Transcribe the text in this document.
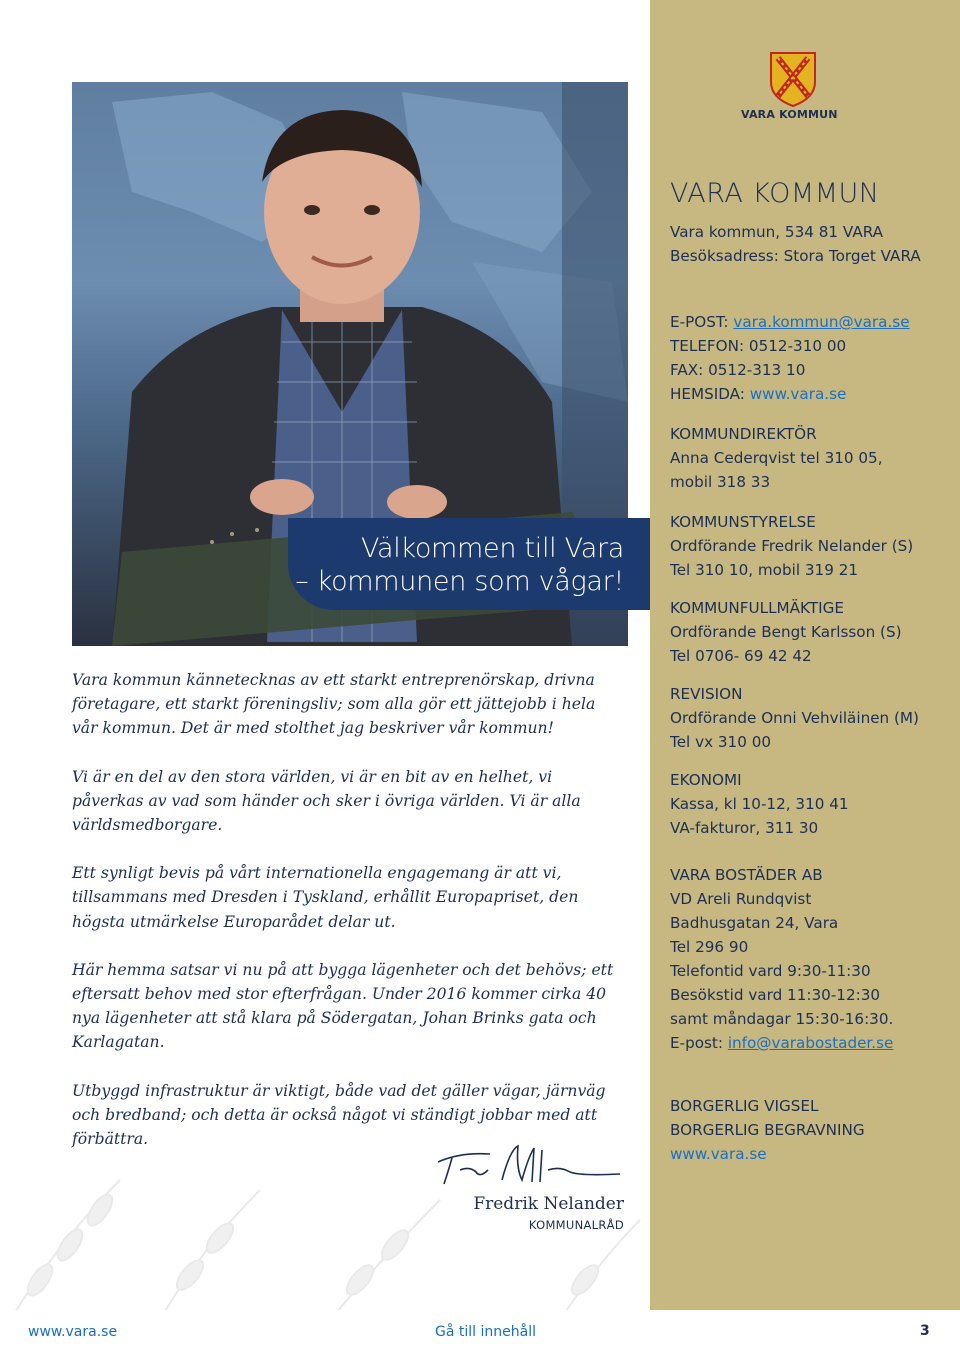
Välkommen till Vara
– kommunen som vågar!

Vara kommun kännetecknas av ett starkt entreprenörskap, drivna företagare, ett starkt föreningsliv; som alla gör ett jättejobb i hela vår kommun. Det är med stolthet jag beskriver vår kommun!

Vi är en del av den stora världen, vi är en bit av en helhet, vi påverkas av vad som händer och sker i övriga världen. Vi är alla världsmedborgare.

Ett synligt bevis på vårt internationella engagemang är att vi, tillsammans med Dresden i Tyskland, erhållit Europapriset, den högsta utmärkelse Europarådet delar ut.

Här hemma satsar vi nu på att bygga lägenheter och det behövs; ett eftersatt behov med stor efterfrågan. Under 2016 kommer cirka 40 nya lägenheter att stå klara på Södergatan, Johan Brinks gata och Karlagatan.

Utbyggd infrastruktur är viktigt, både vad det gäller vägar, järnväg och bredband; och detta är också något vi ständigt jobbar med att förbättra.

Fredrik Nelander
KOMMUNALRÅD
VARA KOMMUN
VARA KOMMUN
Vara kommun, 534 81 VARA
Besöksadress: Stora Torget VARA
E-POST: vara.kommun@vara.se
TELEFON: 0512-310 00
FAX: 0512-313 10
HEMSIDA: www.vara.se
KOMMUNDIREKTÖR
Anna Cederqvist tel 310 05,
mobil 318 33
KOMMUNSTYRELSE
Ordförande Fredrik Nelander (S)
Tel 310 10, mobil 319 21
KOMMUNFULLMÄKTIGE
Ordförande Bengt Karlsson (S)
Tel 0706- 69 42 42
REVISION
Ordförande Onni Vehviläinen (M)
Tel vx 310 00
EKONOMI
Kassa, kl 10-12, 310 41
VA-fakturor, 311 30
VARA BOSTÄDER AB
VD Areli Rundqvist
Badhusgatan 24, Vara
Tel 296 90
Telefontid vard 9:30-11:30
Besökstid vard 11:30-12:30
samt måndagar 15:30-16:30.
E-post: info@varabostader.se
BORGERLIG VIGSEL
BORGERLIG BEGRAVNING
www.vara.se
www.vara.se	Gå till innehåll	3
